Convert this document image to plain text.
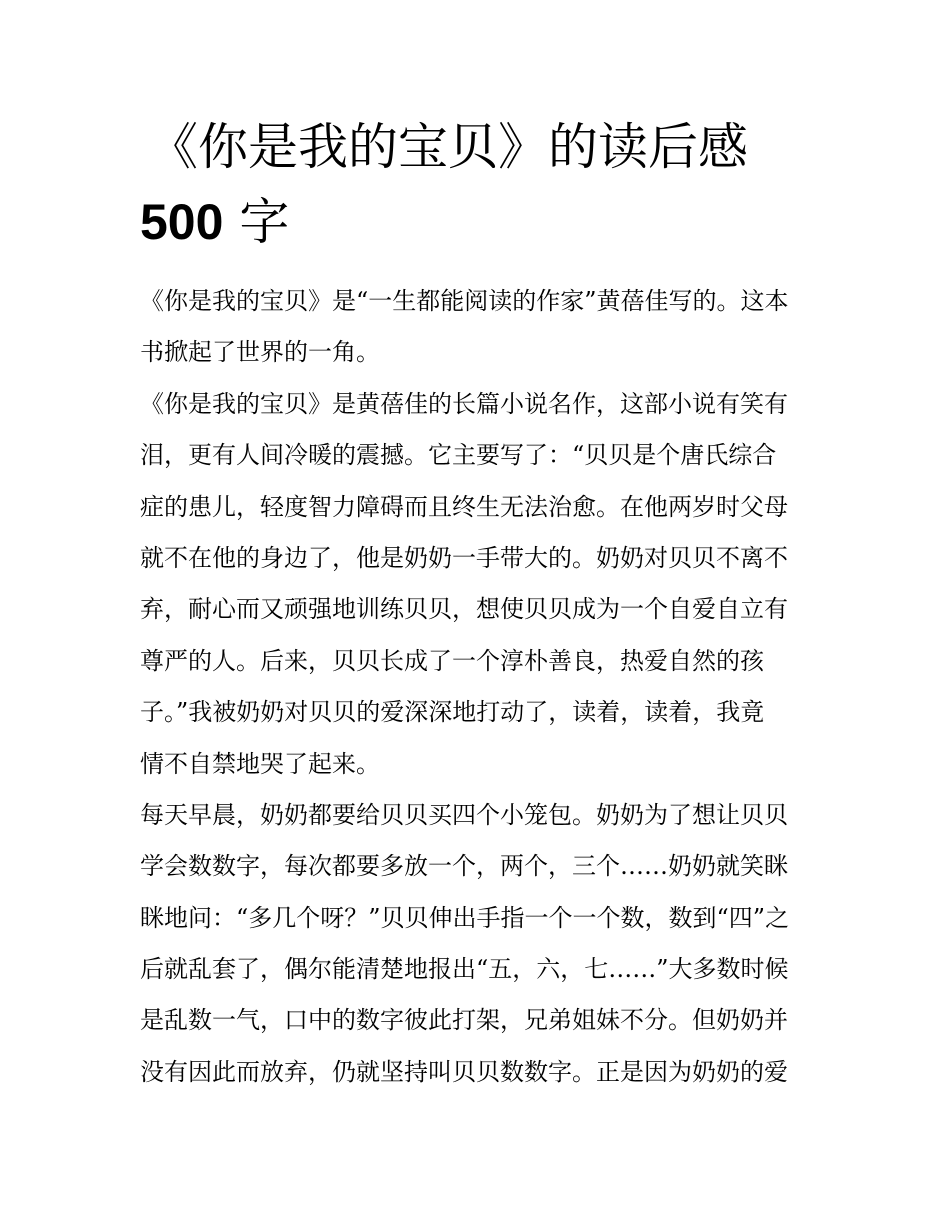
《你是我的宝贝》的读后感
500 字
《你是我的宝贝》是“一生都能阅读的作家”黄蓓佳写的。这本
书掀起了世界的一角。
《你是我的宝贝》是黄蓓佳的长篇小说名作，这部小说有笑有
泪，更有人间冷暖的震撼。它主要写了：“贝贝是个唐氏综合
症的患儿，轻度智力障碍而且终生无法治愈。在他两岁时父母
就不在他的身边了，他是奶奶一手带大的。奶奶对贝贝不离不
弃，耐心而又顽强地训练贝贝，想使贝贝成为一个自爱自立有
尊严的人。后来，贝贝长成了一个淳朴善良，热爱自然的孩
子。”我被奶奶对贝贝的爱深深地打动了，读着，读着，我竟
情不自禁地哭了起来。
每天早晨，奶奶都要给贝贝买四个小笼包。奶奶为了想让贝贝
学会数数字，每次都要多放一个，两个，三个……奶奶就笑眯
眯地问：“多几个呀？”贝贝伸出手指一个一个数，数到“四”之
后就乱套了，偶尔能清楚地报出“五，六，七……”大多数时候
是乱数一气，口中的数字彼此打架，兄弟姐妹不分。但奶奶并
没有因此而放弃，仍就坚持叫贝贝数数字。正是因为奶奶的爱
